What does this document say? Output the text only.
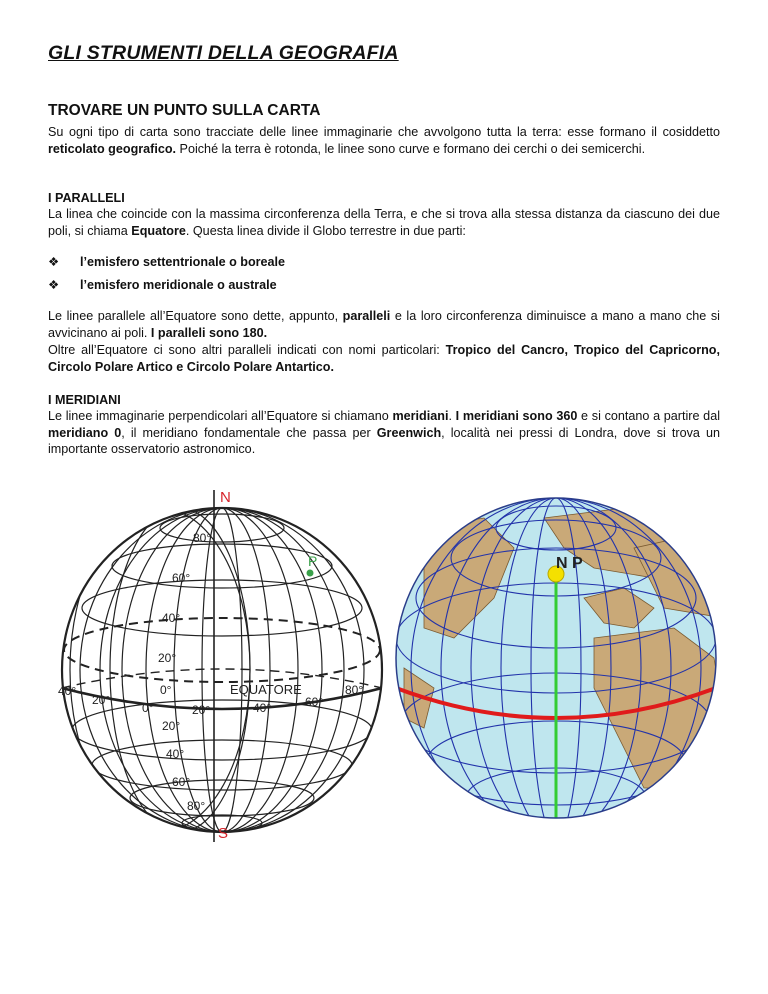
GLI STRUMENTI DELLA GEOGRAFIA
TROVARE UN PUNTO SULLA CARTA

Su ogni tipo di carta sono tracciate delle linee immaginarie che avvolgono tutta la terra: esse formano il cosiddetto reticolato geografico. Poiché la terra è rotonda, le linee sono curve e formano dei cerchi o dei semicerchi.

I PARALLELI

La linea che coincide con la massima circonferenza della Terra, e che si trova alla stessa distanza da ciascuno dei due poli, si chiama Equatore. Questa linea divide il Globo terrestre in due parti:

❖ l’emisfero settentrionale o boreale
❖ l’emisfero meridionale o australe

Le linee parallele all’Equatore sono dette, appunto, paralleli e la loro circonferenza diminuisce a mano a mano che si avvicinano ai poli. I paralleli sono 180.

Oltre all’Equatore ci sono altri paralleli indicati con nomi particolari: Tropico del Cancro, Tropico del Capricorno, Circolo Polare Artico e Circolo Polare Antartico.

I MERIDIANI

Le linee immaginarie perpendicolari all’Equatore si chiamano meridiani. I meridiani sono 360 e si contano a partire dal meridiano 0, il meridiano fondamentale che passa per Greenwich, località nei pressi di Londra, dove si trova un importante osservatorio astronomico.

N
S
P
80°
60°
40°
20°
EQUATORE
40°
20°
0°
0°	20°	40°	60°
80°
20°
40°
60°
80°
N P
